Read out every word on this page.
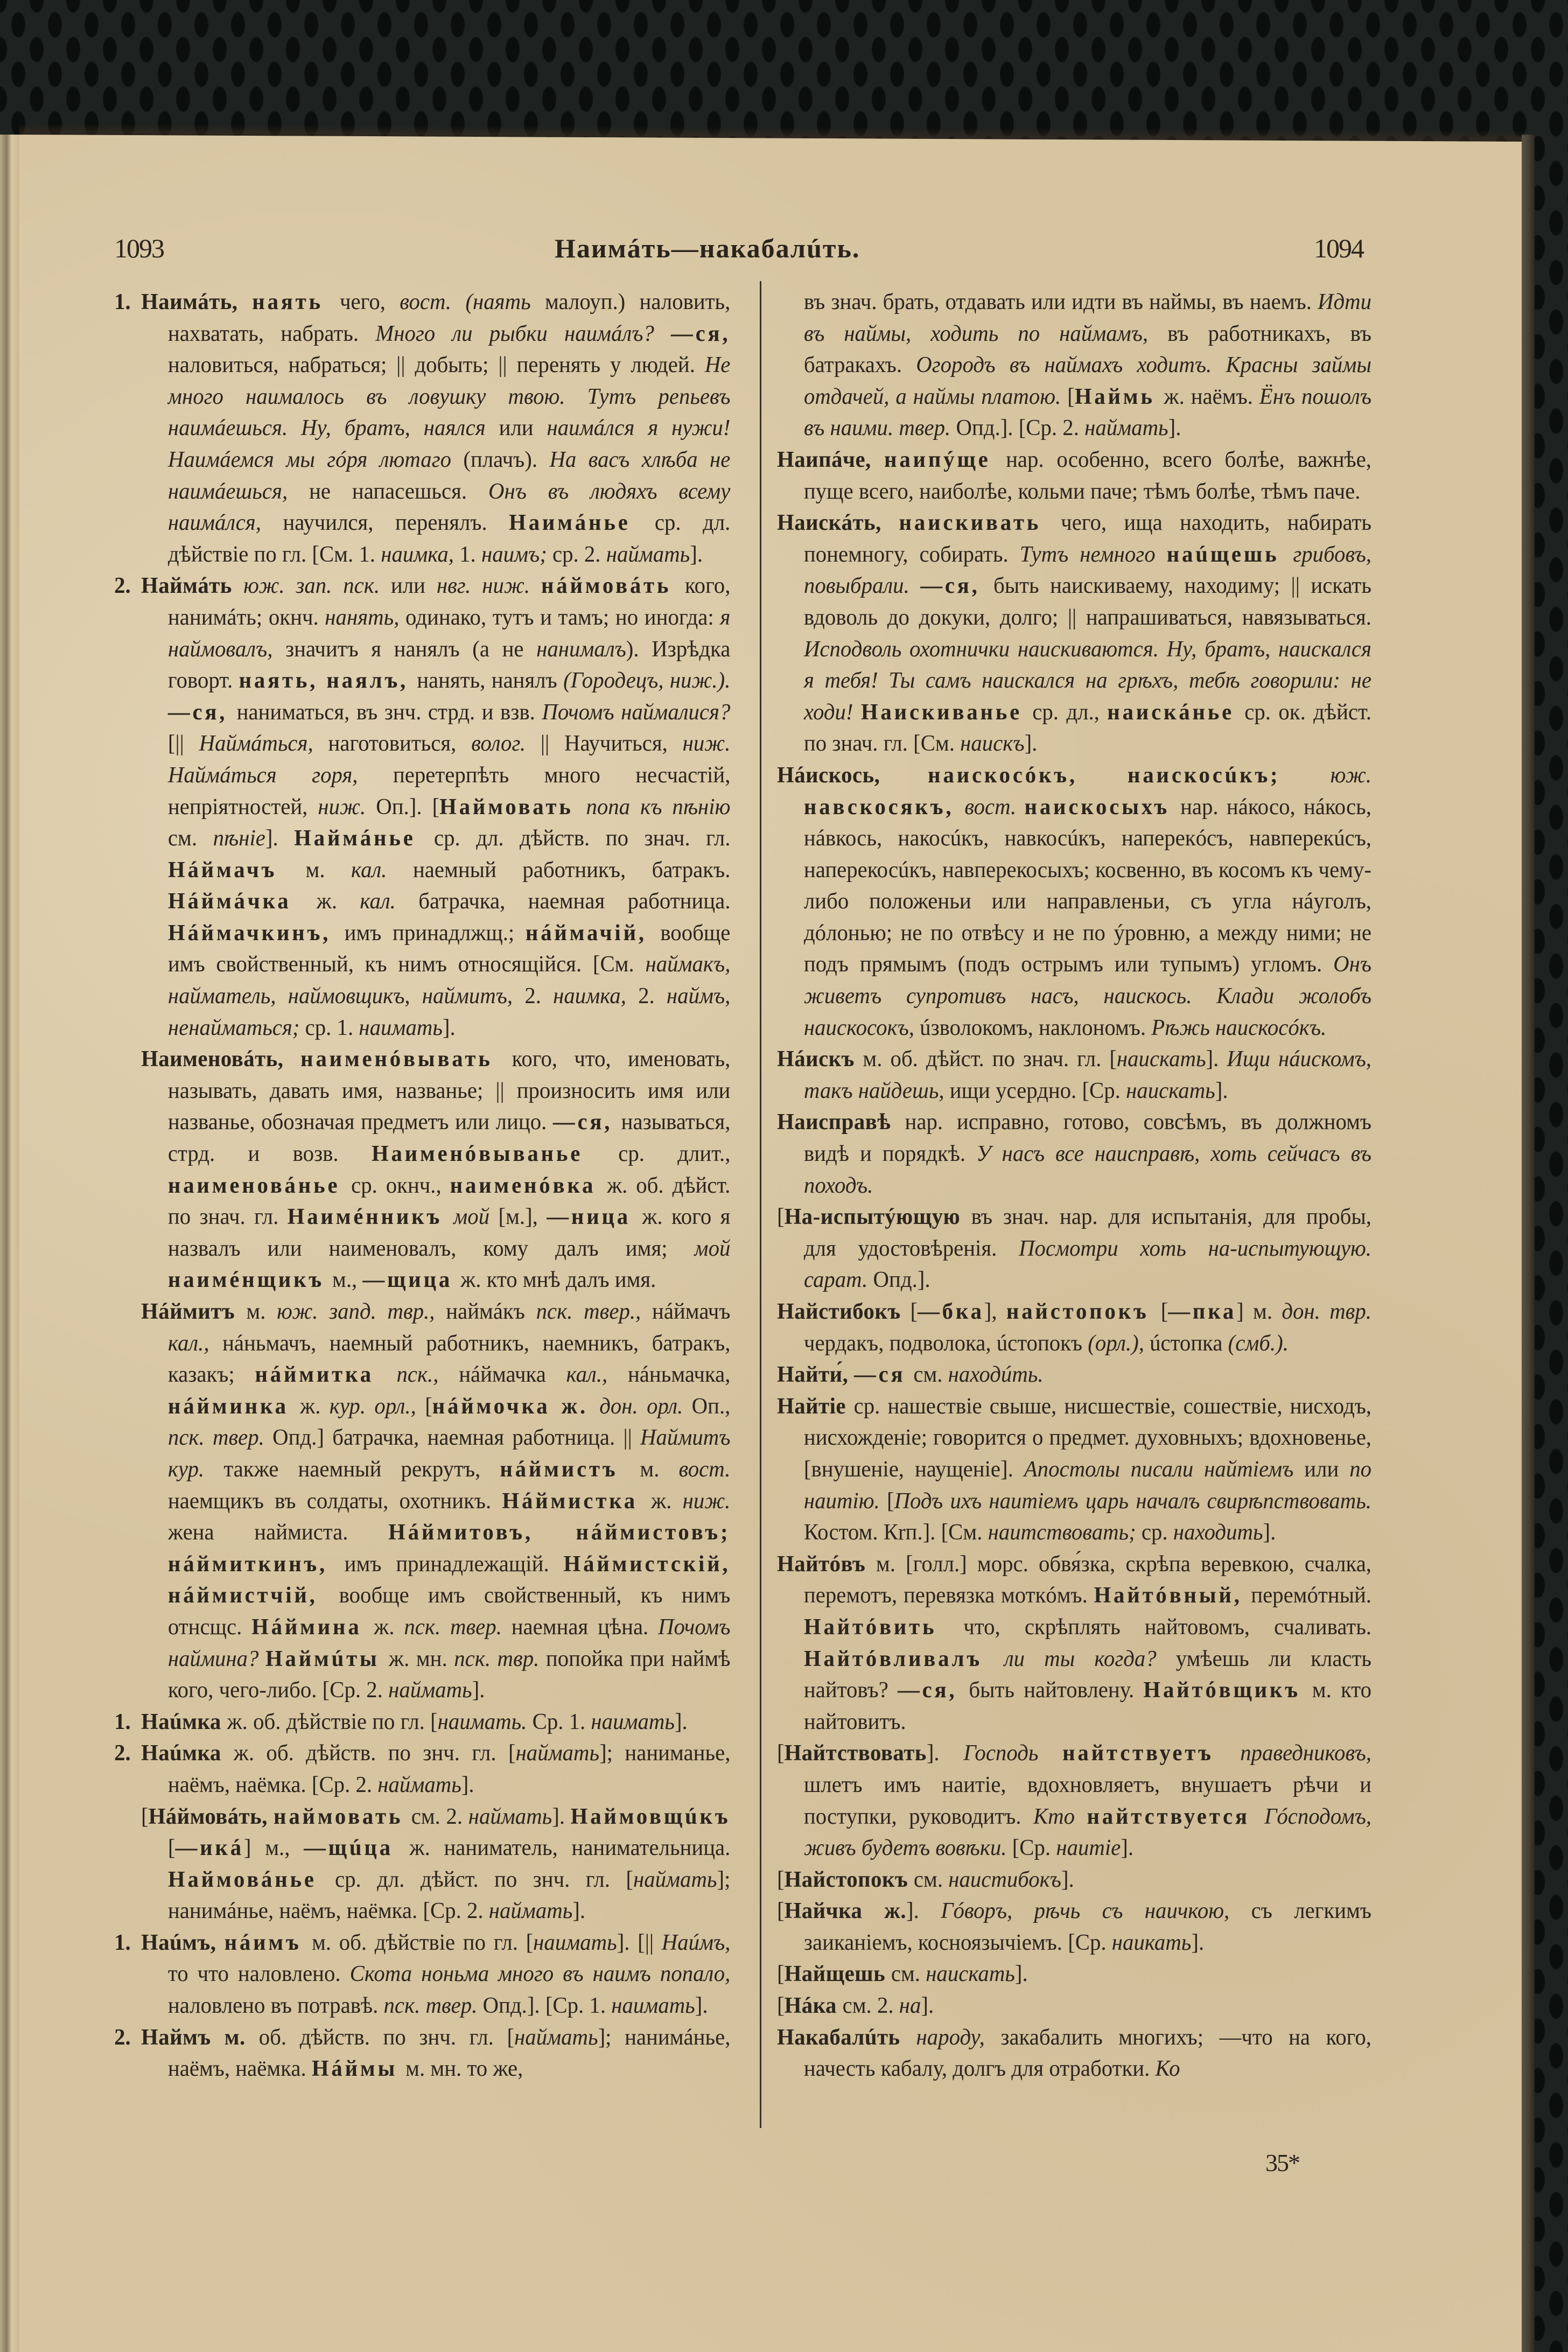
1093	Наимáть—накабалúть.	1094

1. Наимáть, наять чего, вост. (наять малоуп.) наловить, нахватать, набрать. Много ли рыбки наимáлъ? —ся, наловиться, набраться; || добыть; || перенять у людей. Не много наималось въ ловушку твою. Тутъ репьевъ наимáешься. Ну, братъ, наялся или наимáлся я нужи! Наимáемся мы гóря лютаго (плачъ). На васъ хлѣба не наимáешься, не напасешься. Онъ въ людяхъ всему наимáлся, научился, перенялъ. Наимáнье ср. дл. дѣйствіе по гл. [См. 1. наимка, 1. наимъ; ср. 2. наймать].

2. Наймáть юж. зап. пск. или нвг. ниж. нáймовáть кого, нанимáть; окнч. нанять, одинако, тутъ и тамъ; но иногда: я наймовалъ, значитъ я нанялъ (а не нанималъ). Изрѣдка говорт. наять, наялъ, нанять, нанялъ (Городецъ, ниж.). —ся, наниматься, въ знч. стрд. и взв. Почомъ наймалися? [|| Наймáться, наготовиться, волог. || Научиться, ниж. Наймáться горя, перетерпѣть много несчастій, непріятностей, ниж. Оп.]. [Наймовать попа къ пѣнію см. пѣніе]. Наймáнье ср. дл. дѣйств. по знач. гл. Нáймачъ м. кал. наемный работникъ, батракъ. Нáймáчка ж. кал. батрачка, наемная работница. Нáймачкинъ, имъ принадлжщ.; нáймачій, вообще имъ свойственный, къ нимъ относящійся. [См. наймакъ, найматель, наймовщикъ, наймитъ, 2. наимка, 2. наймъ, ненайматься; ср. 1. наимать].

Наименовáть, наименóвывать кого, что, именовать, называть, давать имя, названье; || произносить имя или названье, обозначая предметъ или лицо. —ся, называться, стрд. и возв. Наименóвыванье ср. длит., наименовáнье ср. окнч., наименóвка ж. об. дѣйст. по знач. гл. Наимéнникъ мой [м.], —ница ж. кого я назвалъ или наименовалъ, кому далъ имя; мой наимéнщикъ м., —щица ж. кто мнѣ далъ имя.

Нáймитъ м. юж. запд. твр., наймáкъ пск. твер., нáймачъ кал., нáньмачъ, наемный работникъ, наемникъ, батракъ, казакъ; нáймитка пск., нáймачка кал., нáньмачка, нáйминка ж. кур. орл., [нáймочка ж. дон. орл. Оп., пск. твер. Опд.] батрачка, наемная работница. || Наймитъ кур. также наемный рекрутъ, нáймистъ м. вост. наемщикъ въ солдаты, охотникъ. Нáймистка ж. ниж. жена наймиста. Нáймитовъ, нáймистовъ; нáймиткинъ, имъ принадлежащій. Нáймистскій, нáймистчій, вообще имъ свойственный, къ нимъ отнсщс. Нáймина ж. пск. твер. наемная цѣна. Почомъ наймина? Наймúты ж. мн. пск. твр. попойка при наймѣ кого, чего-либо. [Ср. 2. наймать].

1. Наúмка ж. об. дѣйствіе по гл. [наимать. Ср. 1. наимать].

2. Наúмка ж. об. дѣйств. по знч. гл. [наймать]; наниманье, наёмъ, наёмка. [Ср. 2. наймать].

[Нáймовáть, наймовать см. 2. наймать]. Наймовщúкъ [—икá] м., —щúца ж. наниматель, нанимательница. Наймовáнье ср. дл. дѣйст. по знч. гл. [наймать]; нанимáнье, наёмъ, наёмка. [Ср. 2. наймать].

1. Наúмъ, нáимъ м. об. дѣйствіе по гл. [наимать]. [|| Наúмъ, то что наловлено. Скота ноньма много въ наимъ попало, наловлено въ потравѣ. пск. твер. Опд.]. [Ср. 1. наимать].

2. Наймъ м. об. дѣйств. по знч. гл. [наймать]; нанимáнье, наёмъ, наёмка. Нáймы м. мн. то же,

въ знач. брать, отдавать или идти въ наймы, въ наемъ. Идти въ наймы, ходить по наймамъ, въ работникахъ, въ батракахъ. Огородъ въ наймахъ ходитъ. Красны займы отдачей, а наймы платою. [Наймь ж. наёмъ. Ёнъ пошолъ въ наими. твер. Опд.]. [Ср. 2. наймать].

Наипáче, наипýще нар. особенно, всего болѣе, важнѣе, пуще всего, наиболѣе, кольми паче; тѣмъ болѣе, тѣмъ паче.

Наискáть, наискивать чего, ища находить, набирать понемногу, собирать. Тутъ немного наúщешь грибовъ, повыбрали. —ся, быть наискиваему, находиму; || искать вдоволь до докуки, долго; || напрашиваться, навязываться. Исподволь охотнички наискиваются. Ну, братъ, наискался я тебя! Ты самъ наискался на грѣхъ, тебѣ говорили: не ходи! Наискиванье ср. дл., наискáнье ср. ок. дѣйст. по знач. гл. [См. наискъ].

Нáискось, наискосóкъ, наискосúкъ; юж. навскосякъ, вост. наискосыхъ нар. нáкосо, нáкось, нáвкось, накосúкъ, навкосúкъ, наперекóсъ, навперекúсъ, наперекосúкъ, навперекосыхъ; косвенно, въ косомъ къ чему-либо положеньи или направленьи, съ угла нáуголъ, дóлонью; не по отвѣсу и не по ýровню, а между ними; не подъ прямымъ (подъ острымъ или тупымъ) угломъ. Онъ живетъ супротивъ насъ, наискось. Клади жолобъ наискосокъ, úзволокомъ, наклономъ. Рѣжь наискосóкъ.

Нáискъ м. об. дѣйст. по знач. гл. [наискать]. Ищи нáискомъ, такъ найдешь, ищи усердно. [Ср. наискать].

Наисправѣ нар. исправно, готово, совсѣмъ, въ должномъ видѣ и порядкѣ. У насъ все наисправѣ, хоть сейчасъ въ походъ.

[На-испытýющую въ знач. нар. для испытанія, для пробы, для удостовѣренія. Посмотри хоть на-испытующую. сарат. Опд.].

Найстибокъ [—бка], найстопокъ [—пка] м. дон. твр. чердакъ, подволока, úстопокъ (орл.), úстопка (смб.).

Найти́, —ся см. находúть.

Найтіе ср. нашествіе свыше, нисшествіе, сошествіе, нисходъ, нисхожденіе; говорится о предмет. духовныхъ; вдохновенье, [внушеніе, наущеніе]. Апостолы писали найтіемъ или по наитію. [Подъ ихъ наитіемъ царь началъ свирѣпствовать. Костом. Кrп.]. [См. наитствовать; ср. находить].

Найтóвъ м. [голл.] морс. обвя́зка, скрѣпа веревкою, счалка, перемотъ, перевязка моткóмъ. Найтóвный, перемóтный. Найтóвить что, скрѣплять найтовомъ, счаливать. Найтóвливалъ ли ты когда? умѣешь ли класть найтовъ? —ся, быть найтовлену. Найтóвщикъ м. кто найтовитъ.

[Найтствовать]. Господь найтствуетъ праведниковъ, шлетъ имъ наитіе, вдохновляетъ, внушаетъ рѣчи и поступки, руководитъ. Кто найтствуется Гóсподомъ, живъ будетъ вовѣки. [Ср. наитіе].

[Найстопокъ см. наистибокъ].

[Найчка ж.]. Гóворъ, рѣчь съ наичкою, съ легкимъ заиканіемъ, косноязычіемъ. [Ср. наикать].

[Найщешь см. наискать].

[Нáка см. 2. на].

Накабалúть народу, закабалить многихъ; —что на кого, начесть кабалу, долгъ для отработки. Ко

35*
